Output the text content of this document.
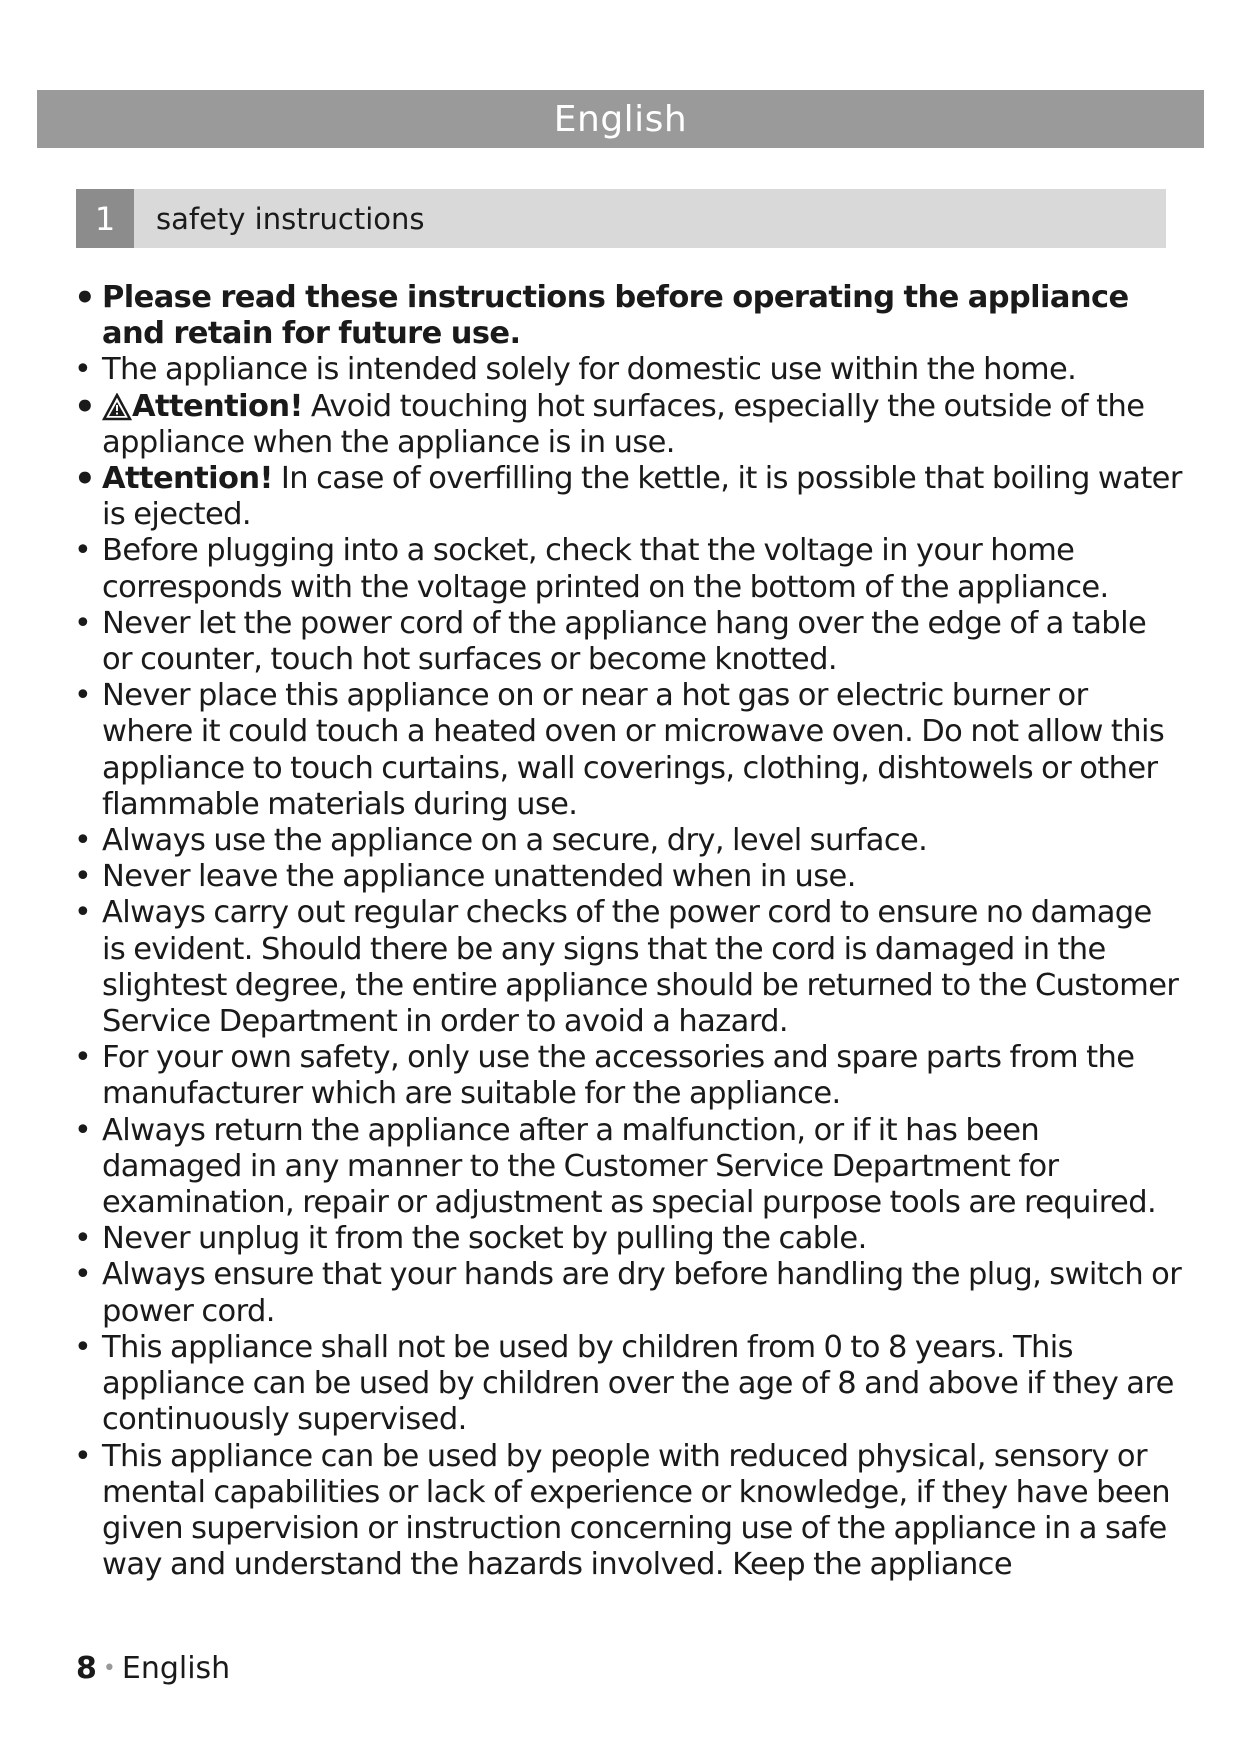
English
1	safety instructions
• Please read these instructions before operating the appliance and retain for future use.
• The appliance is intended solely for domestic use within the home.
• Attention! Avoid touching hot surfaces, especially the outside of the appliance when the appliance is in use.
• Attention! In case of overfilling the kettle, it is possible that boiling water is ejected.
• Before plugging into a socket, check that the voltage in your home corresponds with the voltage printed on the bottom of the appliance.
• Never let the power cord of the appliance hang over the edge of a table or counter, touch hot surfaces or become knotted.
• Never place this appliance on or near a hot gas or electric burner or where it could touch a heated oven or microwave oven. Do not allow this appliance to touch curtains, wall coverings, clothing, dishtowels or other flammable materials during use.
• Always use the appliance on a secure, dry, level surface.
• Never leave the appliance unattended when in use.
• Always carry out regular checks of the power cord to ensure no damage is evident. Should there be any signs that the cord is damaged in the slightest degree, the entire appliance should be returned to the Customer Service Department in order to avoid a hazard.
• For your own safety, only use the accessories and spare parts from the manufacturer which are suitable for the appliance.
• Always return the appliance after a malfunction, or if it has been damaged in any manner to the Customer Service Department for examination, repair or adjustment as special purpose tools are required.
• Never unplug it from the socket by pulling the cable.
• Always ensure that your hands are dry before handling the plug, switch or power cord.
• This appliance shall not be used by children from 0 to 8 years. This appliance can be used by children over the age of 8 and above if they are continuously supervised.
• This appliance can be used by people with reduced physical, sensory or mental capabilities or lack of experience or knowledge, if they have been given supervision or instruction concerning use of the appliance in a safe way and understand the hazards involved. Keep the appliance
8 • English
